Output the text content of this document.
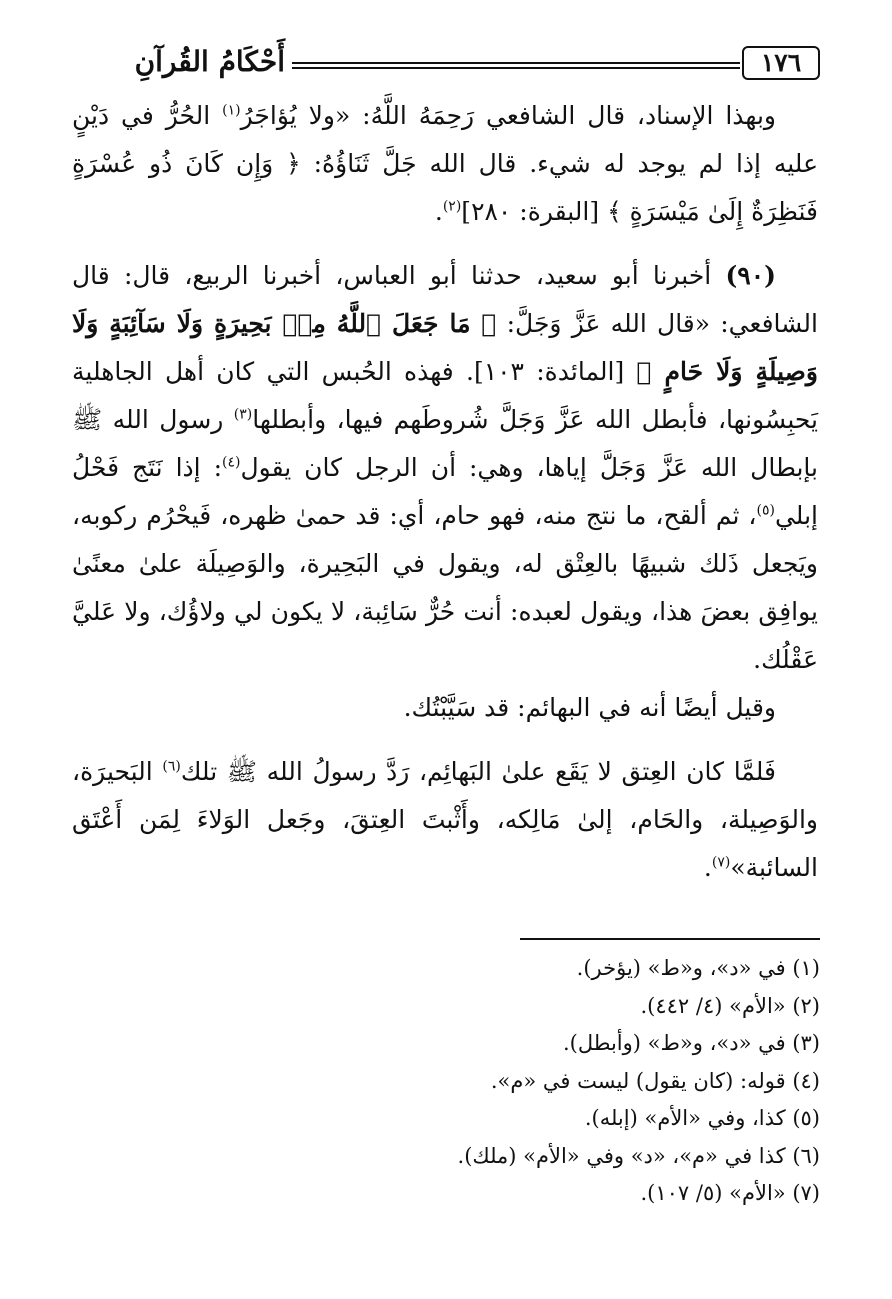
١٧٦
أَحْكَامُ القُرآنِ

وبهذا الإسناد، قال الشافعي رَحِمَهُ اللَّهُ: «ولا يُؤاجَرُ$^{(١)}$ الحُرُّ في دَيْنٍ عليه إذا لم يوجد له شيء. قال الله جَلَّ ثَنَاؤُهُ: ﴿ وَإِن كَانَ ذُو عُسْرَةٍ فَنَظِرَةٌ إِلَىٰ مَيْسَرَةٍ ﴾ [البقرة: ٢٨٠]$^{(٢)}$.

(٩٠) أخبرنا أبو سعيد، حدثنا أبو العباس، أخبرنا الربيع، قال: قال الشافعي: «قال الله عَزَّ وَجَلَّ: ﴿ مَا جَعَلَ ٱللَّهُ مِنۢ بَحِيرَةٍ وَلَا سَآئِبَةٍ وَلَا وَصِيلَةٍ وَلَا حَامٍ ﴾ [المائدة: ١٠٣]. فهذه الحُبس التي كان أهل الجاهلية يَحبِسُونها، فأبطل الله عَزَّ وَجَلَّ شُروطَهم فيها، وأبطلها$^{(٣)}$ رسول الله ﷺ بإبطال الله عَزَّ وَجَلَّ إياها، وهي: أن الرجل كان يقول$^{(٤)}$: إذا نَتَج فَحْلُ إبلي$^{(٥)}$، ثم ألقح، ما نتج منه، فهو حام، أي: قد حمىٰ ظهره، فَيحْرُم ركوبه، ويَجعل ذَلك شبيهًا بالعِتْق له، ويقول في البَحِيرة، والوَصِيلَة علىٰ معنًىٰ يوافِق بعضَ هذا، ويقول لعبده: أنت حُرٌّ سَائِبة، لا يكون لي ولاؤُك، ولا عَليَّ عَقْلُك.

وقيل أيضًا أنه في البهائم: قد سَيَّبْتُك.

فَلمَّا كان العِتق لا يَقَع علىٰ البَهائِم، رَدَّ رسولُ الله ﷺ تلك$^{(٦)}$ البَحيرَة، والوَصِيلة، والحَام، إلىٰ مَالِكه، وأَثْبتَ العِتقَ، وجَعل الوَلاءَ لِمَن أَعْتَق السائبة»$^{(٧)}$.

(١) في «د»، و«ط» (يؤخر).
(٢) «الأم» (٤/ ٤٤٢).
(٣) في «د»، و«ط» (وأبطل).
(٤) قوله: (كان يقول) ليست في «م».
(٥) كذا، وفي «الأم» (إبله).
(٦) كذا في «م»، «د» وفي «الأم» (ملك).
(٧) «الأم» (٥/ ١٠٧).
